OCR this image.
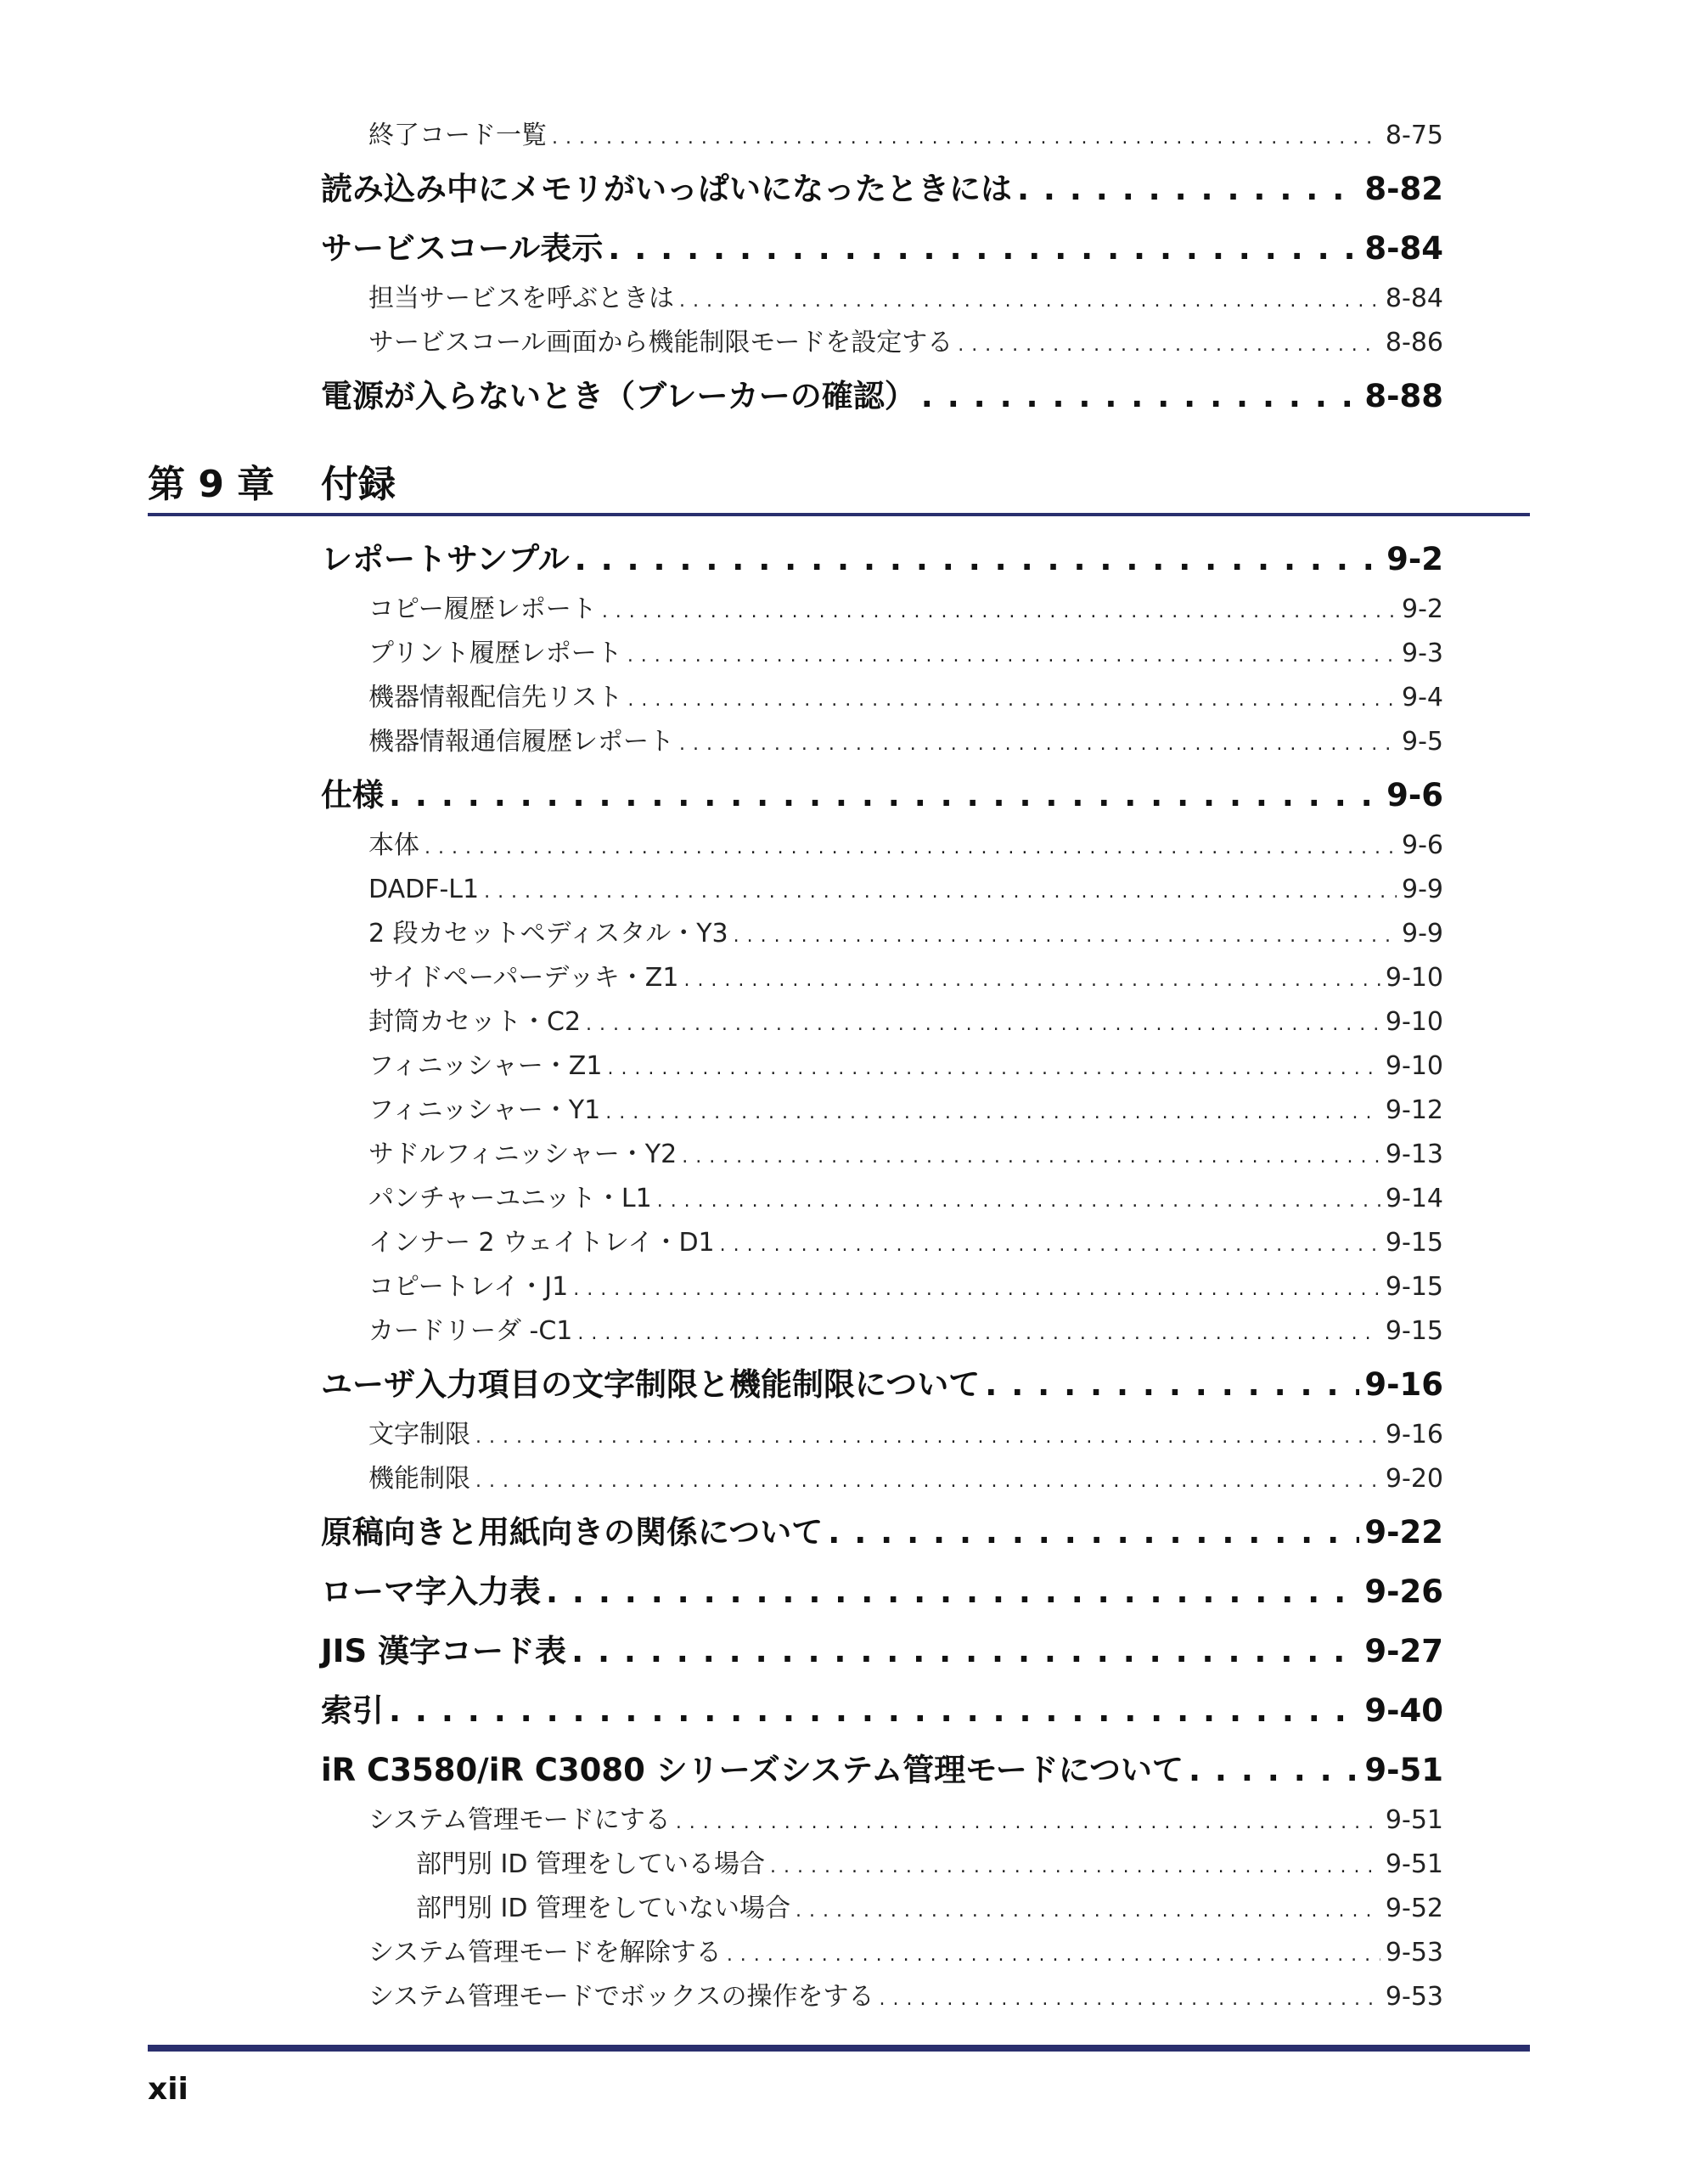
終了コード一覧 . . .	8-75
読み込み中にメモリがいっぱいになったときには . . .	8-82
サービスコール表示 . . .	8-84
担当サービスを呼ぶときは . . .	8-84
サービスコール画面から機能制限モードを設定する . . .	8-86
電源が入らないとき（ブレーカーの確認） . . .	8-88
第 9 章 付録
レポートサンプル . . .	9-2
コピー履歴レポート . . .	9-2
プリント履歴レポート . . .	9-3
機器情報配信先リスト . . .	9-4
機器情報通信履歴レポート . . .	9-5
仕様 . . .	9-6
本体 . . .	9-6
DADF-L1 . . .	9-9
2 段カセットペディスタル・Y3 . . .	9-9
サイドペーパーデッキ・Z1 . . .	9-10
封筒カセット・C2 . . .	9-10
フィニッシャー・Z1 . . .	9-10
フィニッシャー・Y1 . . .	9-12
サドルフィニッシャー・Y2 . . .	9-13
パンチャーユニット・L1 . . .	9-14
インナー 2 ウェイトレイ・D1 . . .	9-15
コピートレイ・J1 . . .	9-15
カードリーダ -C1 . . .	9-15
ユーザ入力項目の文字制限と機能制限について . . .	9-16
文字制限 . . .	9-16
機能制限 . . .	9-20
原稿向きと用紙向きの関係について . . .	9-22
ローマ字入力表 . . .	9-26
JIS 漢字コード表 . . .	9-27
索引 . . .	9-40
iR C3580/iR C3080 シリーズシステム管理モードについて . . .	9-51
システム管理モードにする . . .	9-51
部門別 ID 管理をしている場合 . . .	9-51
部門別 ID 管理をしていない場合 . . .	9-52
システム管理モードを解除する . . .	9-53
システム管理モードでボックスの操作をする . . .	9-53
xii
